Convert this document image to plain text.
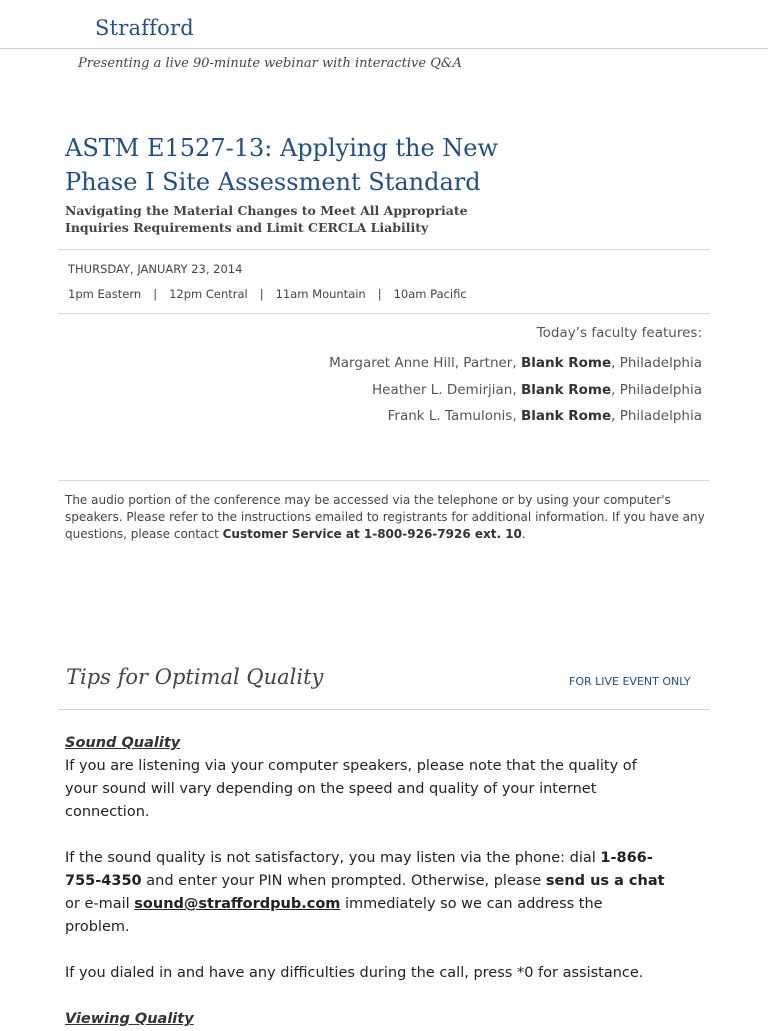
Strafford
Presenting a live 90-minute webinar with interactive Q&A
ASTM E1527-13: Applying the New
Phase I Site Assessment Standard
Navigating the Material Changes to Meet All Appropriate
Inquiries Requirements and Limit CERCLA Liability
THURSDAY, JANUARY 23, 2014
1pm Eastern | 12pm Central | 11am Mountain | 10am Pacific
Today’s faculty features:
Margaret Anne Hill, Partner, Blank Rome, Philadelphia
Heather L. Demirjian, Blank Rome, Philadelphia
Frank L. Tamulonis, Blank Rome, Philadelphia
The audio portion of the conference may be accessed via the telephone or by using your computer's speakers. Please refer to the instructions emailed to registrants for additional information. If you have any questions, please contact Customer Service at 1-800-926-7926 ext. 10.
Tips for Optimal Quality	FOR LIVE EVENT ONLY
Sound Quality
If you are listening via your computer speakers, please note that the quality of your sound will vary depending on the speed and quality of your internet connection.
If the sound quality is not satisfactory, you may listen via the phone: dial 1-866-755-4350 and enter your PIN when prompted. Otherwise, please send us a chat or e-mail sound@straffordpub.com immediately so we can address the problem.
If you dialed in and have any difficulties during the call, press *0 for assistance.
Viewing Quality
